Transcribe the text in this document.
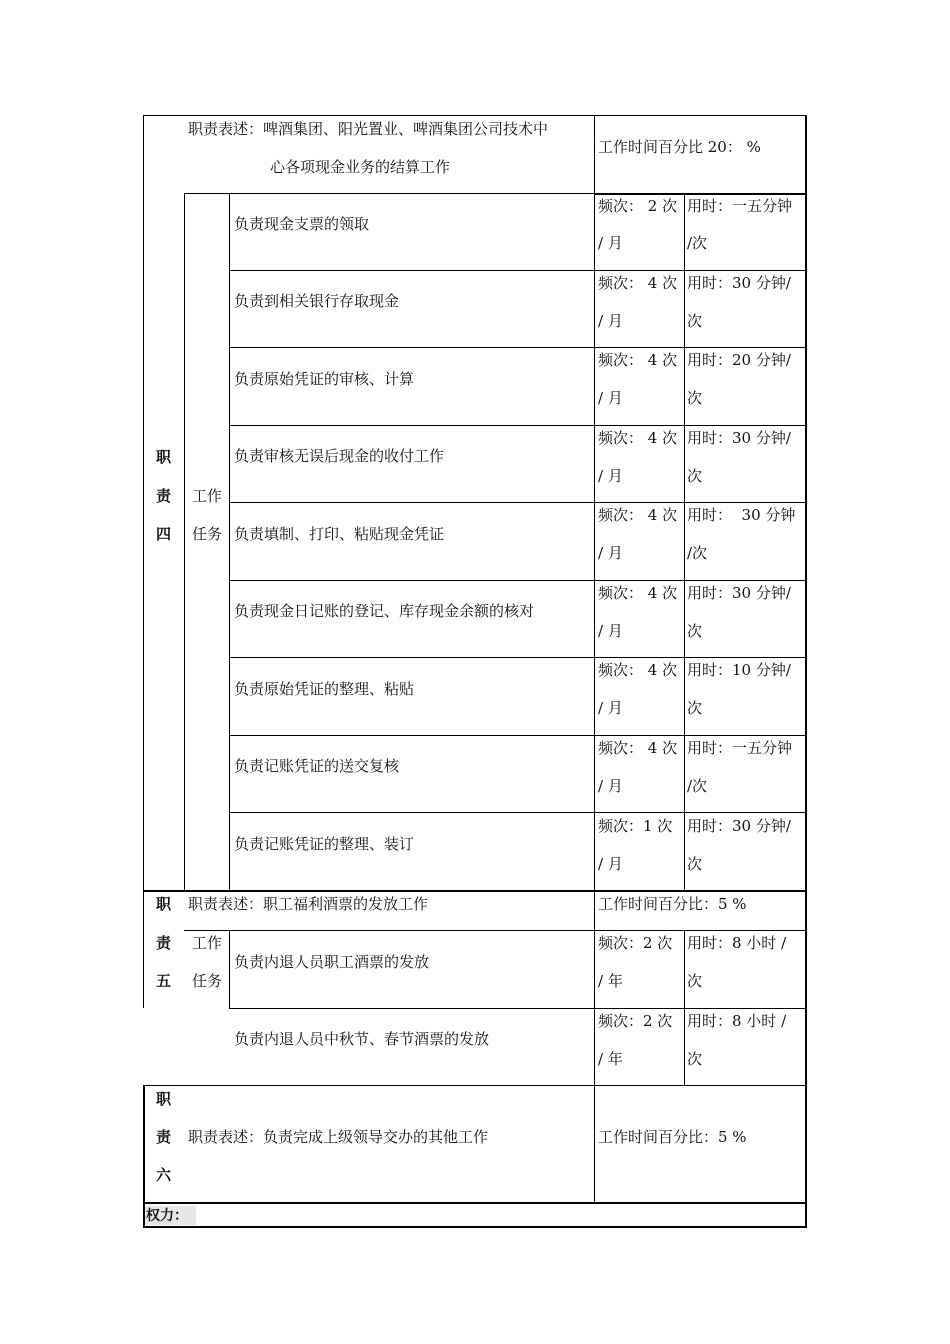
职
责
四
职责表述：啤酒集团、阳光置业、啤酒集团公司技术中
心各项现金业务的结算工作
工作时间百分比 20： %
工作
任务
负责现金支票的领取
频次： 2 次
/ 月
用时：一五分钟
/次
负责到相关银行存取现金
频次： 4 次
/ 月
用时：30 分钟/
次
负责原始凭证的审核、计算
频次： 4 次
/ 月
用时：20 分钟/
次
负责审核无误后现金的收付工作
频次： 4 次
/ 月
用时：30 分钟/
次
负责填制、打印、粘贴现金凭证
频次： 4 次
/ 月
用时：  30 分钟
/次
负责现金日记账的登记、库存现金余额的核对
频次： 4 次
/ 月
用时：30 分钟/
次
负责原始凭证的整理、粘贴
频次： 4 次
/ 月
用时：10 分钟/
次
负责记账凭证的送交复核
频次： 4 次
/ 月
用时：一五分钟
/次
负责记账凭证的整理、装订
频次：1 次
/ 月
用时：30 分钟/
次
职
责
五
职责表述：职工福利酒票的发放工作	工作时间百分比：5 %
工作
任务
负责内退人员职工酒票的发放
频次：2 次
/ 年
用时：8 小时 /
次
负责内退人员中秋节、春节酒票的发放
频次：2 次
/ 年
用时：8 小时 /
次
职
责
六
职责表述：负责完成上级领导交办的其他工作	工作时间百分比：5 %
权力：
